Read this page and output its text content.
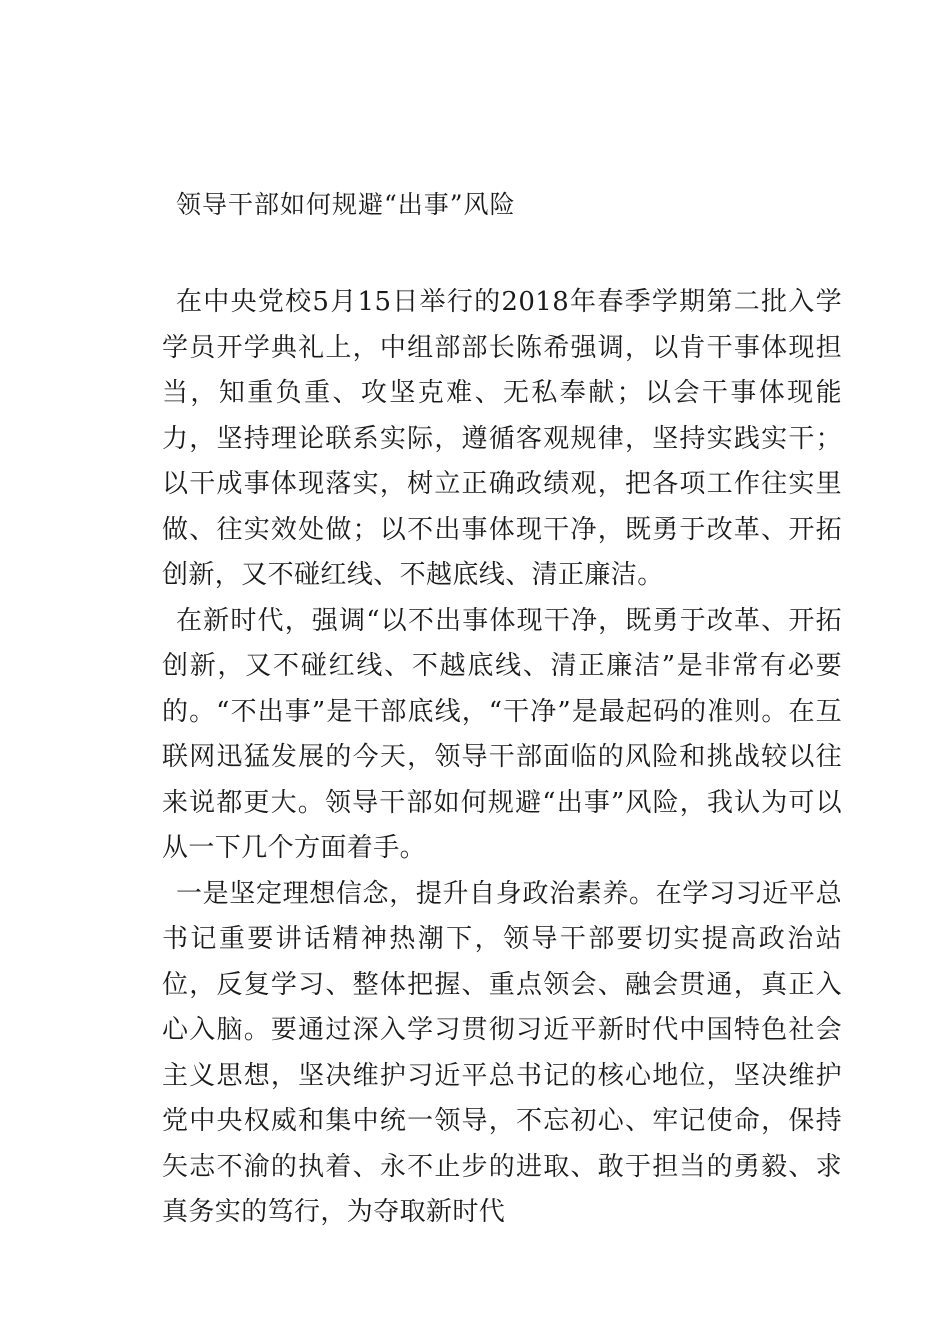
领导干部如何规避“出事”风险

在中央党校5月15日举行的2018年春季学期第二批入学学员开学典礼上，中组部部长陈希强调，以肯干事体现担当，知重负重、攻坚克难、无私奉献；以会干事体现能力，坚持理论联系实际，遵循客观规律，坚持实践实干；以干成事体现落实，树立正确政绩观，把各项工作往实里做、往实效处做；以不出事体现干净，既勇于改革、开拓创新，又不碰红线、不越底线、清正廉洁。

在新时代，强调“以不出事体现干净，既勇于改革、开拓创新，又不碰红线、不越底线、清正廉洁”是非常有必要的。“不出事”是干部底线，“干净”是最起码的准则。在互联网迅猛发展的今天，领导干部面临的风险和挑战较以往来说都更大。领导干部如何规避“出事”风险，我认为可以从一下几个方面着手。

一是坚定理想信念，提升自身政治素养。在学习习近平总书记重要讲话精神热潮下，领导干部要切实提高政治站位，反复学习、整体把握、重点领会、融会贯通，真正入心入脑。要通过深入学习贯彻习近平新时代中国特色社会主义思想，坚决维护习近平总书记的核心地位，坚决维护党中央权威和集中统一领导，不忘初心、牢记使命，保持矢志不渝的执着、永不止步的进取、敢于担当的勇毅、求真务实的笃行，为夺取新时代
